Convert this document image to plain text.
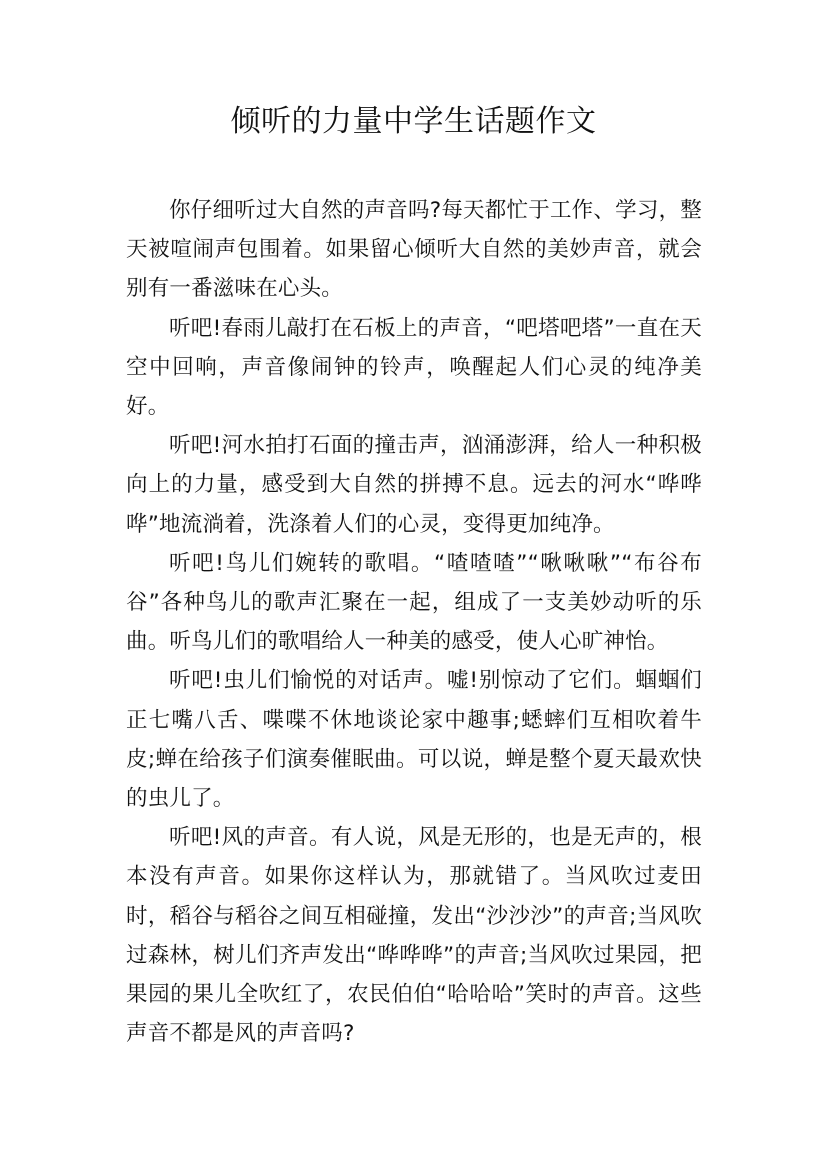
倾听的力量中学生话题作文

你仔细听过大自然的声音吗?每天都忙于工作、学习，整天被喧闹声包围着。如果留心倾听大自然的美妙声音，就会别有一番滋味在心头。

听吧!春雨儿敲打在石板上的声音，“吧塔吧塔”一直在天空中回响，声音像闹钟的铃声，唤醒起人们心灵的纯净美好。

听吧!河水拍打石面的撞击声，汹涌澎湃，给人一种积极向上的力量，感受到大自然的拼搏不息。远去的河水“哗哗哗”地流淌着，洗涤着人们的心灵，变得更加纯净。

听吧!鸟儿们婉转的歌唱。“喳喳喳”“啾啾啾”“布谷布谷”各种鸟儿的歌声汇聚在一起，组成了一支美妙动听的乐曲。听鸟儿们的歌唱给人一种美的感受，使人心旷神怡。

听吧!虫儿们愉悦的对话声。嘘!别惊动了它们。蝈蝈们正七嘴八舌、喋喋不休地谈论家中趣事;蟋蟀们互相吹着牛皮;蝉在给孩子们演奏催眠曲。可以说，蝉是整个夏天最欢快的虫儿了。

听吧!风的声音。有人说，风是无形的，也是无声的，根本没有声音。如果你这样认为，那就错了。当风吹过麦田时，稻谷与稻谷之间互相碰撞，发出“沙沙沙”的声音;当风吹过森林，树儿们齐声发出“哗哗哗”的声音;当风吹过果园，把果园的果儿全吹红了，农民伯伯“哈哈哈”笑时的声音。这些声音不都是风的声音吗?
